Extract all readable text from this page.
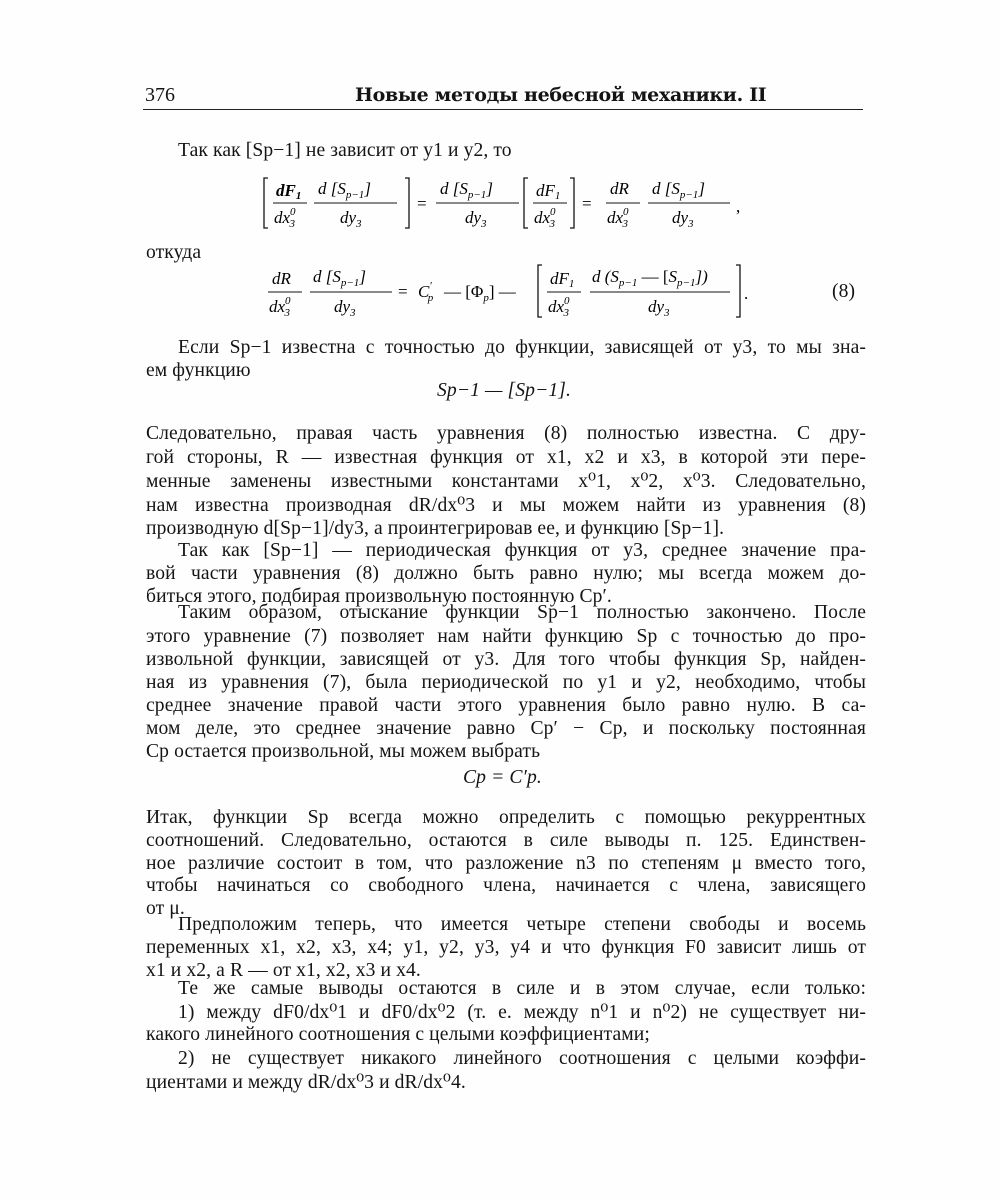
376	Новые методы небесной механики. II
Так как [Sp−1] не зависит от y1 и y2, то
dF1
$dx^0$ 3
d $[S_{p-1}]$
$dy_3$
=
d $[S_{p-1}]$
$dy_3$
dF1
$dx^0$ 3
=
dR
$dx^0$ 3
d $[S_{p-1}]$
$dy_3$
,
откуда
dR
$dx^0$ 3
d $[S_{p-1}]$
$dy_3$
= C′ p — $[\Phi_p]$ —
dF1
$dx^0$ 3
d ($S_{p-1}$ — $[S_{p-1}]$)
$dy_3$
.	(8)
Если Sp−1 известна с точностью до функции, зависящей от y3, то мы зна-
ем функцию
Sp−1 — [Sp−1].
Следовательно, правая часть уравнения (8) полностью известна. С дру-
гой стороны, R — известная функция от x1, x2 и x3, в которой эти пере-
менные заменены известными константами x⁰1, x⁰2, x⁰3. Следовательно,
нам известна производная dR/dx⁰3 и мы можем найти из уравнения (8)
производную d[Sp−1]/dy3, а проинтегрировав ее, и функцию [Sp−1].
Так как [Sp−1] — периодическая функция от y3, среднее значение пра-
вой части уравнения (8) должно быть равно нулю; мы всегда можем до-
биться этого, подбирая произвольную постоянную Cp′.
Таким образом, отыскание функции Sp−1 полностью закончено. После
этого уравнение (7) позволяет нам найти функцию Sp с точностью до про-
извольной функции, зависящей от y3. Для того чтобы функция Sp, найден-
ная из уравнения (7), была периодической по y1 и y2, необходимо, чтобы
среднее значение правой части этого уравнения было равно нулю. В са-
мом деле, это среднее значение равно Cp′ − Cp, и поскольку постоянная
Cp остается произвольной, мы можем выбрать
Cp = C′p.
Итак, функции Sp всегда можно определить с помощью рекуррентных
соотношений. Следовательно, остаются в силе выводы п. 125. Единствен-
ное различие состоит в том, что разложение n3 по степеням μ вместо того,
чтобы начинаться со свободного члена, начинается с члена, зависящего
от μ.
Предположим теперь, что имеется четыре степени свободы и восемь
переменных x1, x2, x3, x4; y1, y2, y3, y4 и что функция F0 зависит лишь от
x1 и x2, а R — от x1, x2, x3 и x4.
Те же самые выводы остаются в силе и в этом случае, если только:
1) между dF0/dx⁰1 и dF0/dx⁰2 (т. е. между n⁰1 и n⁰2) не существует ни-
какого линейного соотношения с целыми коэффициентами;
2) не существует никакого линейного соотношения с целыми коэффи-
циентами и между dR/dx⁰3 и dR/dx⁰4.
